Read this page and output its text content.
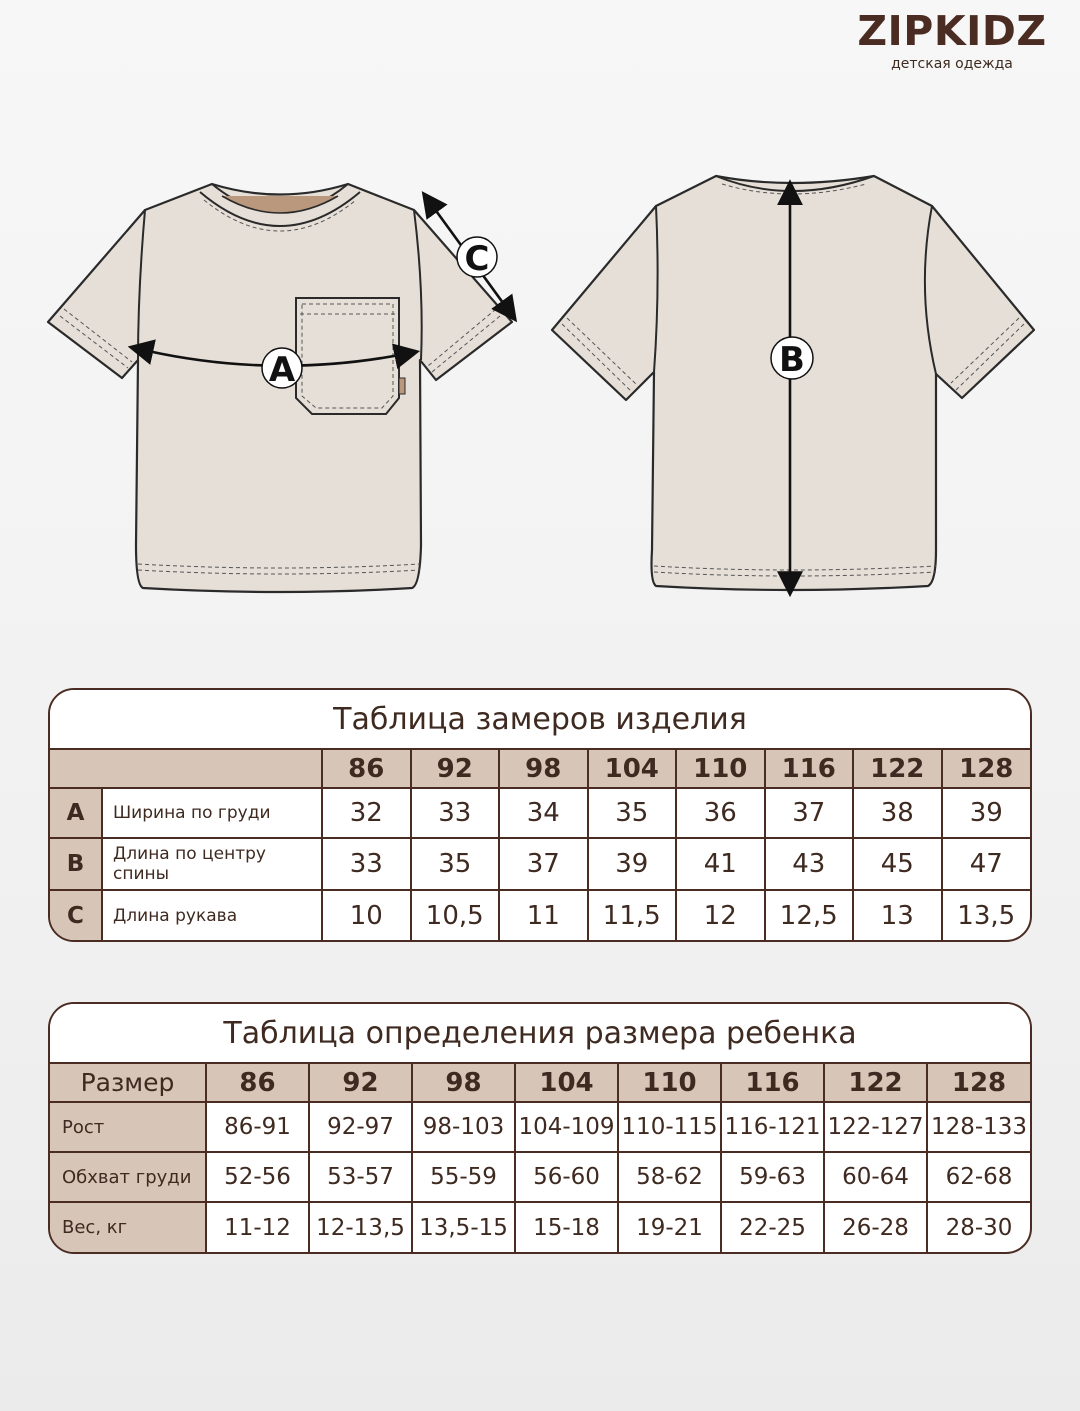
ZIPKIDZ
детская одежда
A
C
B
Таблица замеров изделия
		86	92	98	104	110	116	122	128
A	Ширина по груди	32	33	34	35	36	37	38	39
B	Длина по центру спины	33	35	37	39	41	43	45	47
C	Длина рукава	10	10,5	11	11,5	12	12,5	13	13,5
Таблица определения размера ребенка
Размер	86	92	98	104	110	116	122	128
Рост	86-91	92-97	98-103	104-109	110-115	116-121	122-127	128-133
Обхват груди	52-56	53-57	55-59	56-60	58-62	59-63	60-64	62-68
Вес, кг	11-12	12-13,5	13,5-15	15-18	19-21	22-25	26-28	28-30
